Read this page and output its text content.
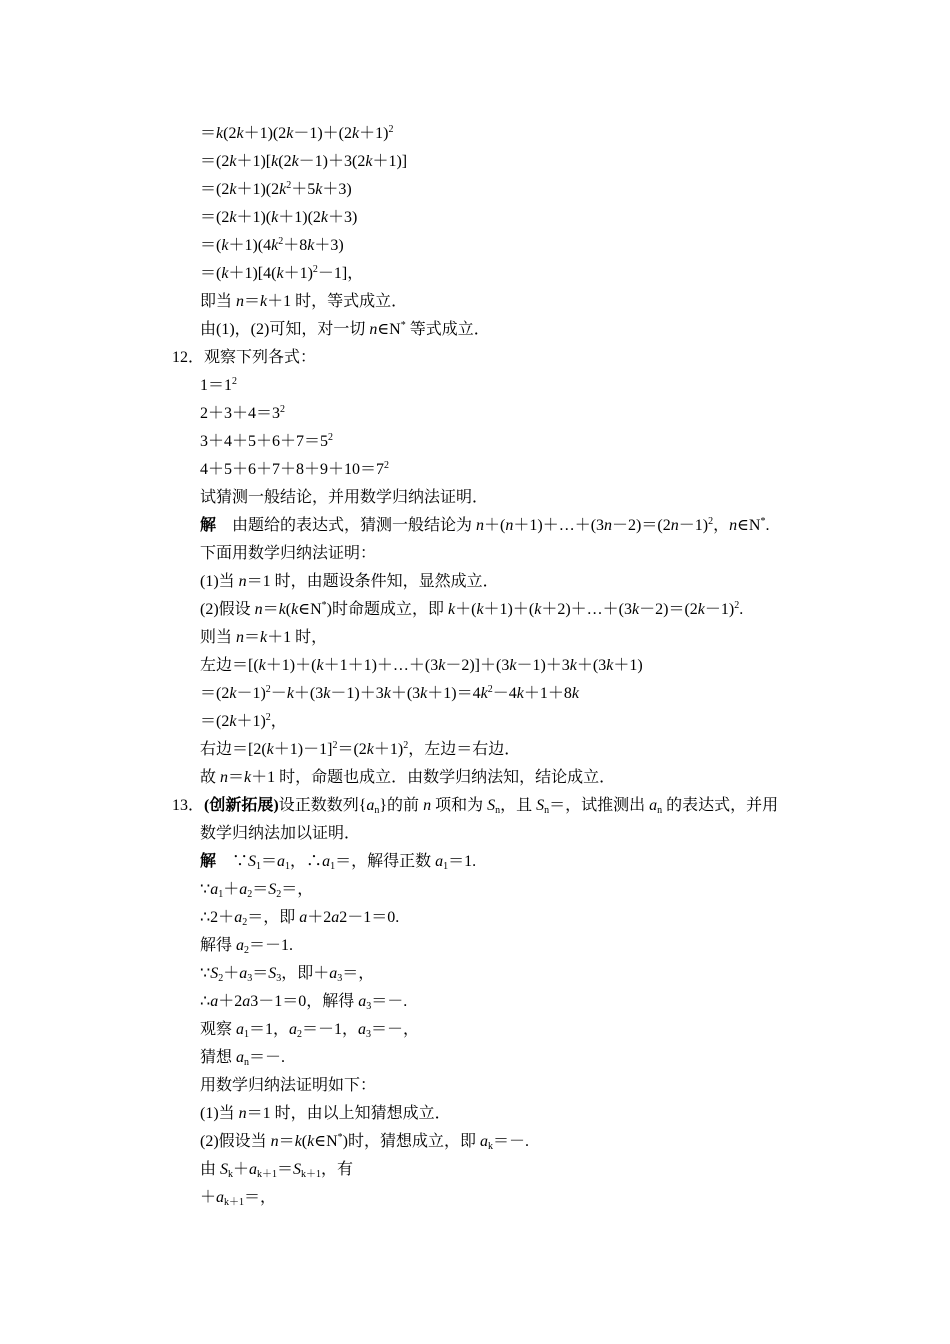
$=k(2k+1)(2k-1)+(2k+1)^2$
＝(2k＋1)[k(2k－1)＋3(2k＋1)]
$=(2k+1)(2k^2+5k+3)$
＝(2k＋1)(k＋1)(2k＋3)
$=(k+1)(4k^2+8k+3)$
$=(k+1)[4(k+1)^2-1]$，
即当 n＝k＋1 时，等式成立．
由(1)，(2)可知，对一切 n∈N* 等式成立．
12．观察下列各式：
$1=1^2$
$2+3+4=3^2$
$3+4+5+6+7=5^2$
$4+5+6+7+8+9+10=7^2$
试猜测一般结论，并用数学归纳法证明．
解　由题给的表达式，猜测一般结论为 $n+(n+1)+\dots+(3n-2)=(2n-1)^2$，n∈N*.
下面用数学归纳法证明：
(1)当 n＝1 时，由题设条件知，显然成立．
(2)假设 n＝k(k∈N*)时命题成立，即 $k+(k+1)+(k+2)+\dots+(3k-2)=(2k-1)^2$.
则当 n＝k＋1 时，
左边＝[(k＋1)＋(k＋1＋1)＋…＋(3k－2)]＋(3k－1)＋3k＋(3k＋1)
$=(2k-1)^2-k+(3k-1)+3k+(3k+1)=4k^2-4k+1+8k$
$=(2k+1)^2$，
右边$=[2(k+1)-1]^2=(2k+1)^2$，左边＝右边．
故 n＝k＋1 时，命题也成立．由数学归纳法知，结论成立．
13．(创新拓展)设正数数列$\{a_n\}$的前 n 项和为 $S_n$，且 $S_n=$，试推测出 $a_n$ 的表达式，并用
数学归纳法加以证明．
解　$\because S_1=a_1$，$\therefore a_1=$，解得正数 $a_1=1$.
$\because a_1+a_2=S_2=$，
$\therefore 2+a_2=$，即 a＋2a2－1＝0.
解得 $a_2=-1$.
$\because S_2+a_3=S_3$，即$+a_3=$，
∴a＋2a3－1＝0，解得 $a_3=-$.
观察 $a_1=1$，$a_2=-1$，$a_3=-$，
猜想 $a_n=-$.
用数学归纳法证明如下：
(1)当 n＝1 时，由以上知猜想成立．
(2)假设当 n＝k(k∈N*)时，猜想成立，即 $a_k=-$.
由 $S_k+a_{k+1}=S_{k+1}$，有
$+a_{k+1}=$，
